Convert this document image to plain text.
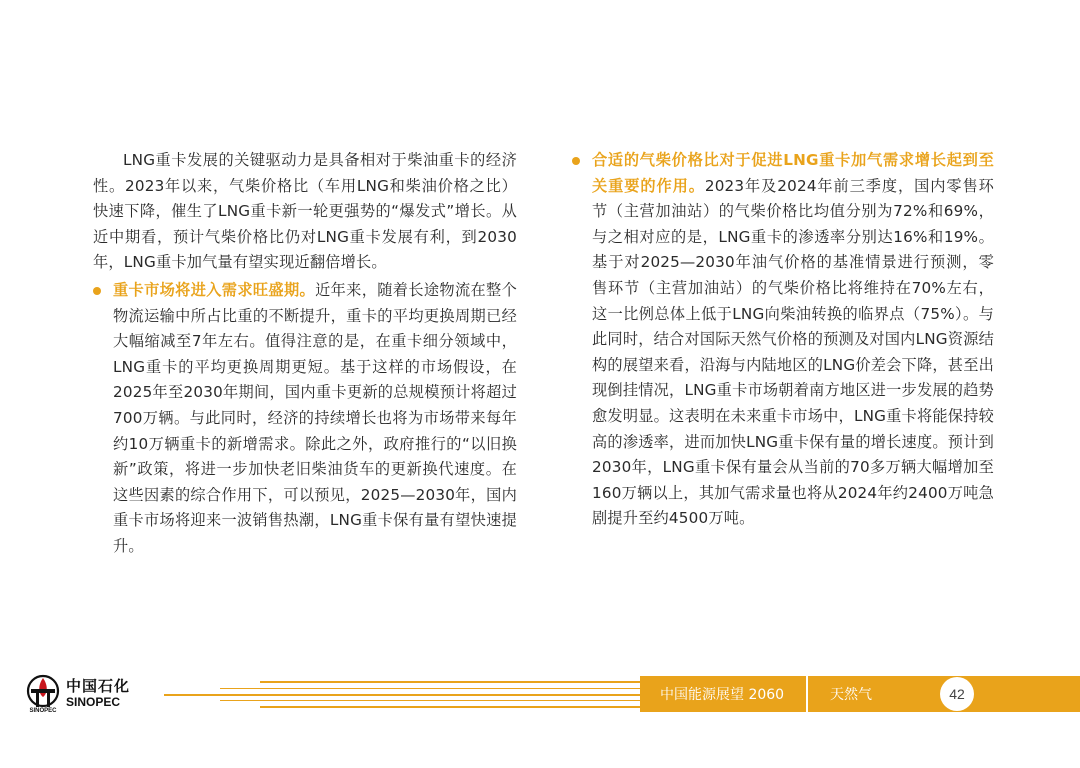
LNG重卡发展的关键驱动力是具备相对于柴油重卡的经济性。2023年以来，气柴价格比（车用LNG和柴油价格之比）快速下降，催生了LNG重卡新一轮更强势的“爆发式”增长。从近中期看，预计气柴价格比仍对LNG重卡发展有利，到2030年，LNG重卡加气量有望实现近翻倍增长。

重卡市场将进入需求旺盛期。近年来，随着长途物流在整个物流运输中所占比重的不断提升，重卡的平均更换周期已经大幅缩减至7年左右。值得注意的是，在重卡细分领域中，LNG重卡的平均更换周期更短。基于这样的市场假设，在2025年至2030年期间，国内重卡更新的总规模预计将超过700万辆。与此同时，经济的持续增长也将为市场带来每年约10万辆重卡的新增需求。除此之外，政府推行的“以旧换新”政策，将进一步加快老旧柴油货车的更新换代速度。在这些因素的综合作用下，可以预见，2025—2030年，国内重卡市场将迎来一波销售热潮，LNG重卡保有量有望快速提升。

合适的气柴价格比对于促进LNG重卡加气需求增长起到至关重要的作用。2023年及2024年前三季度，国内零售环节（主营加油站）的气柴价格比均值分别为72%和69%，与之相对应的是，LNG重卡的渗透率分别达16%和19%。基于对2025—2030年油气价格的基准情景进行预测，零售环节（主营加油站）的气柴价格比将维持在70%左右，这一比例总体上低于LNG向柴油转换的临界点（75%）。与此同时，结合对国际天然气价格的预测及对国内LNG资源结构的展望来看，沿海与内陆地区的LNG价差会下降，甚至出现倒挂情况，LNG重卡市场朝着南方地区进一步发展的趋势愈发明显。这表明在未来重卡市场中，LNG重卡将能保持较高的渗透率，进而加快LNG重卡保有量的增长速度。预计到2030年，LNG重卡保有量会从当前的70多万辆大幅增加至160万辆以上，其加气需求量也将从2024年约2400万吨急剧提升至约4500万吨。

SINOPEC
中国石化
SINOPEC	中国能源展望 2060	天然气	42
